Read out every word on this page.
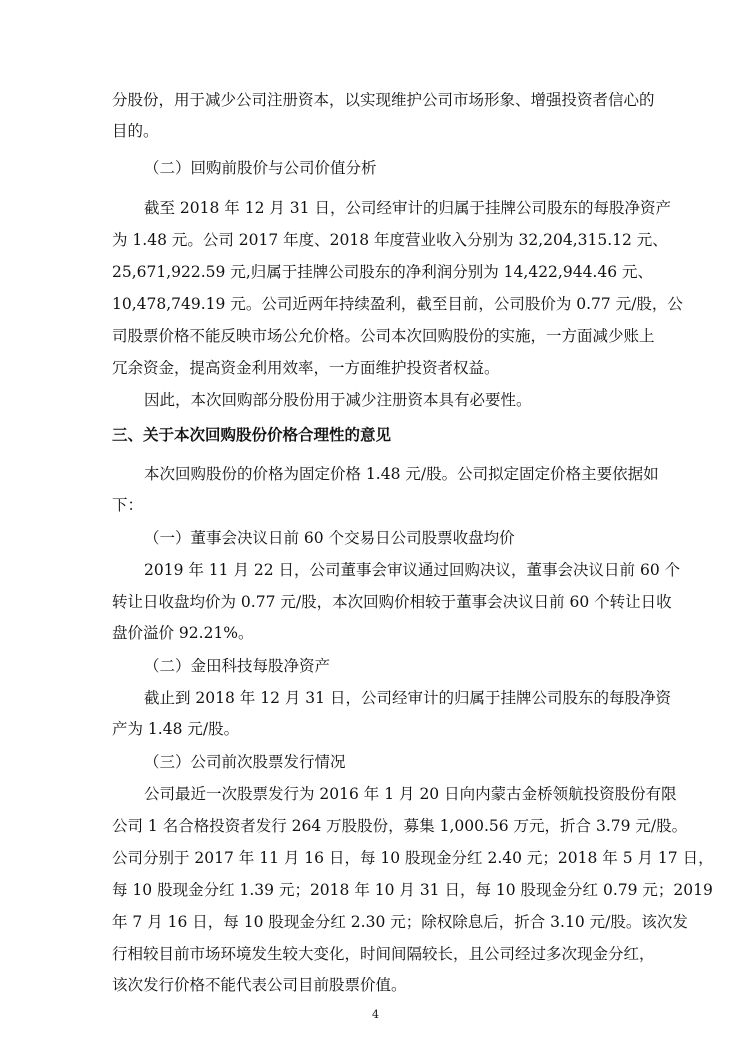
分股份，用于减少公司注册资本，以实现维护公司市场形象、增强投资者信心的
目的。
（二）回购前股价与公司价值分析
截至 2018 年 12 月 31 日，公司经审计的归属于挂牌公司股东的每股净资产
为 1.48 元。公司 2017 年度、2018 年度营业收入分别为 32,204,315.12 元、
25,671,922.59 元,归属于挂牌公司股东的净利润分别为 14,422,944.46 元、
10,478,749.19 元。公司近两年持续盈利，截至目前，公司股价为 0.77 元/股，公
司股票价格不能反映市场公允价格。公司本次回购股份的实施，一方面减少账上
冗余资金，提高资金利用效率，一方面维护投资者权益。
因此，本次回购部分股份用于减少注册资本具有必要性。
三、关于本次回购股份价格合理性的意见
本次回购股份的价格为固定价格 1.48 元/股。公司拟定固定价格主要依据如
下：
（一）董事会决议日前 60 个交易日公司股票收盘均价
2019 年 11 月 22 日，公司董事会审议通过回购决议，董事会决议日前 60 个
转让日收盘均价为 0.77 元/股，本次回购价相较于董事会决议日前 60 个转让日收
盘价溢价 92.21%。
（二）金田科技每股净资产
截止到 2018 年 12 月 31 日，公司经审计的归属于挂牌公司股东的每股净资
产为 1.48 元/股。
（三）公司前次股票发行情况
公司最近一次股票发行为 2016 年 1 月 20 日向内蒙古金桥领航投资股份有限
公司 1 名合格投资者发行 264 万股股份，募集 1,000.56 万元，折合 3.79 元/股。
公司分别于 2017 年 11 月 16 日，每 10 股现金分红 2.40 元；2018 年 5 月 17 日，
每 10 股现金分红 1.39 元；2018 年 10 月 31 日，每 10 股现金分红 0.79 元；2019
年 7 月 16 日，每 10 股现金分红 2.30 元；除权除息后，折合 3.10 元/股。该次发
行相较目前市场环境发生较大变化，时间间隔较长，且公司经过多次现金分红，
该次发行价格不能代表公司目前股票价值。
4
